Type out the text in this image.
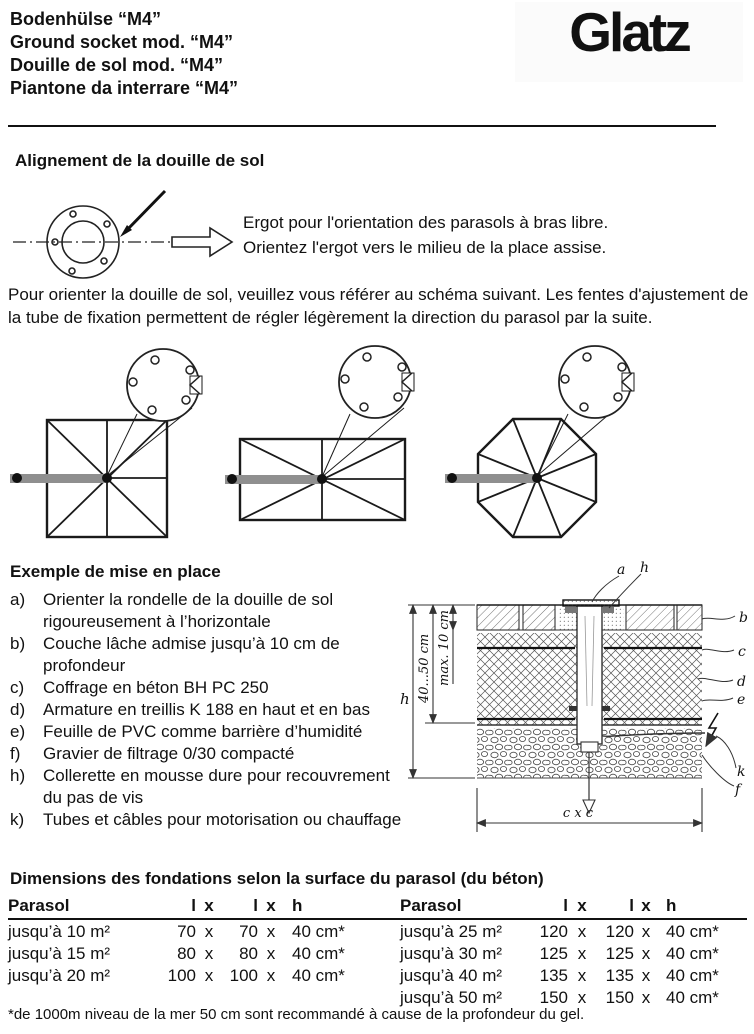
Bodenhülse “M4”
Ground socket mod. “M4”
Douille de sol mod. “M4”
Piantone da interrare “M4”
Glatz
Alignement de la douille de sol
Ergot pour l'orientation des parasols à bras libre.
Orientez l'ergot vers le milieu de la place assise.
Pour orienter la douille de sol, veuillez vous référer au schéma suivant. Les fentes d'ajustement de la tube de fixation permettent de régler légèrement la direction du parasol par la suite.
Exemple de mise en place
a)	Orienter la rondelle de la douille de sol rigoureusement à l’horizontale
b)	Couche lâche admise jusqu’à 10 cm de profondeur
c)	Coffrage en béton BH PC 250
d)	Armature en treillis K 188 en haut et en bas
e)	Feuille de PVC comme barrière d’humidité
f)	Gravier de filtrage 0/30 compacté
h)	Collerette en mousse dure pour recouvrement du pas de vis
k)	Tubes et câbles pour motorisation ou chauffage
h 40...50 cm max. 10 cm
c x c
a h
b
c
d
e
k
f
Dimensions des fondations selon la surface du parasol (du béton)
Parasol	l x	l x h
jusqu’à 10 m²	70 x	70 x 40 cm*
jusqu’à 15 m²	80 x	80 x 40 cm*
jusqu’à 20 m²	100 x 100 x 40 cm*
Parasol	l x	l x h
jusqu’à 25 m²	120 x	120 x 40 cm*
jusqu’à 30 m²	125 x	125 x 40 cm*
jusqu’à 40 m²	135 x	135 x 40 cm*
jusqu’à 50 m²	150 x	150 x 40 cm*
*de 1000m niveau de la mer 50 cm sont recommandé à cause de la profondeur du gel.
